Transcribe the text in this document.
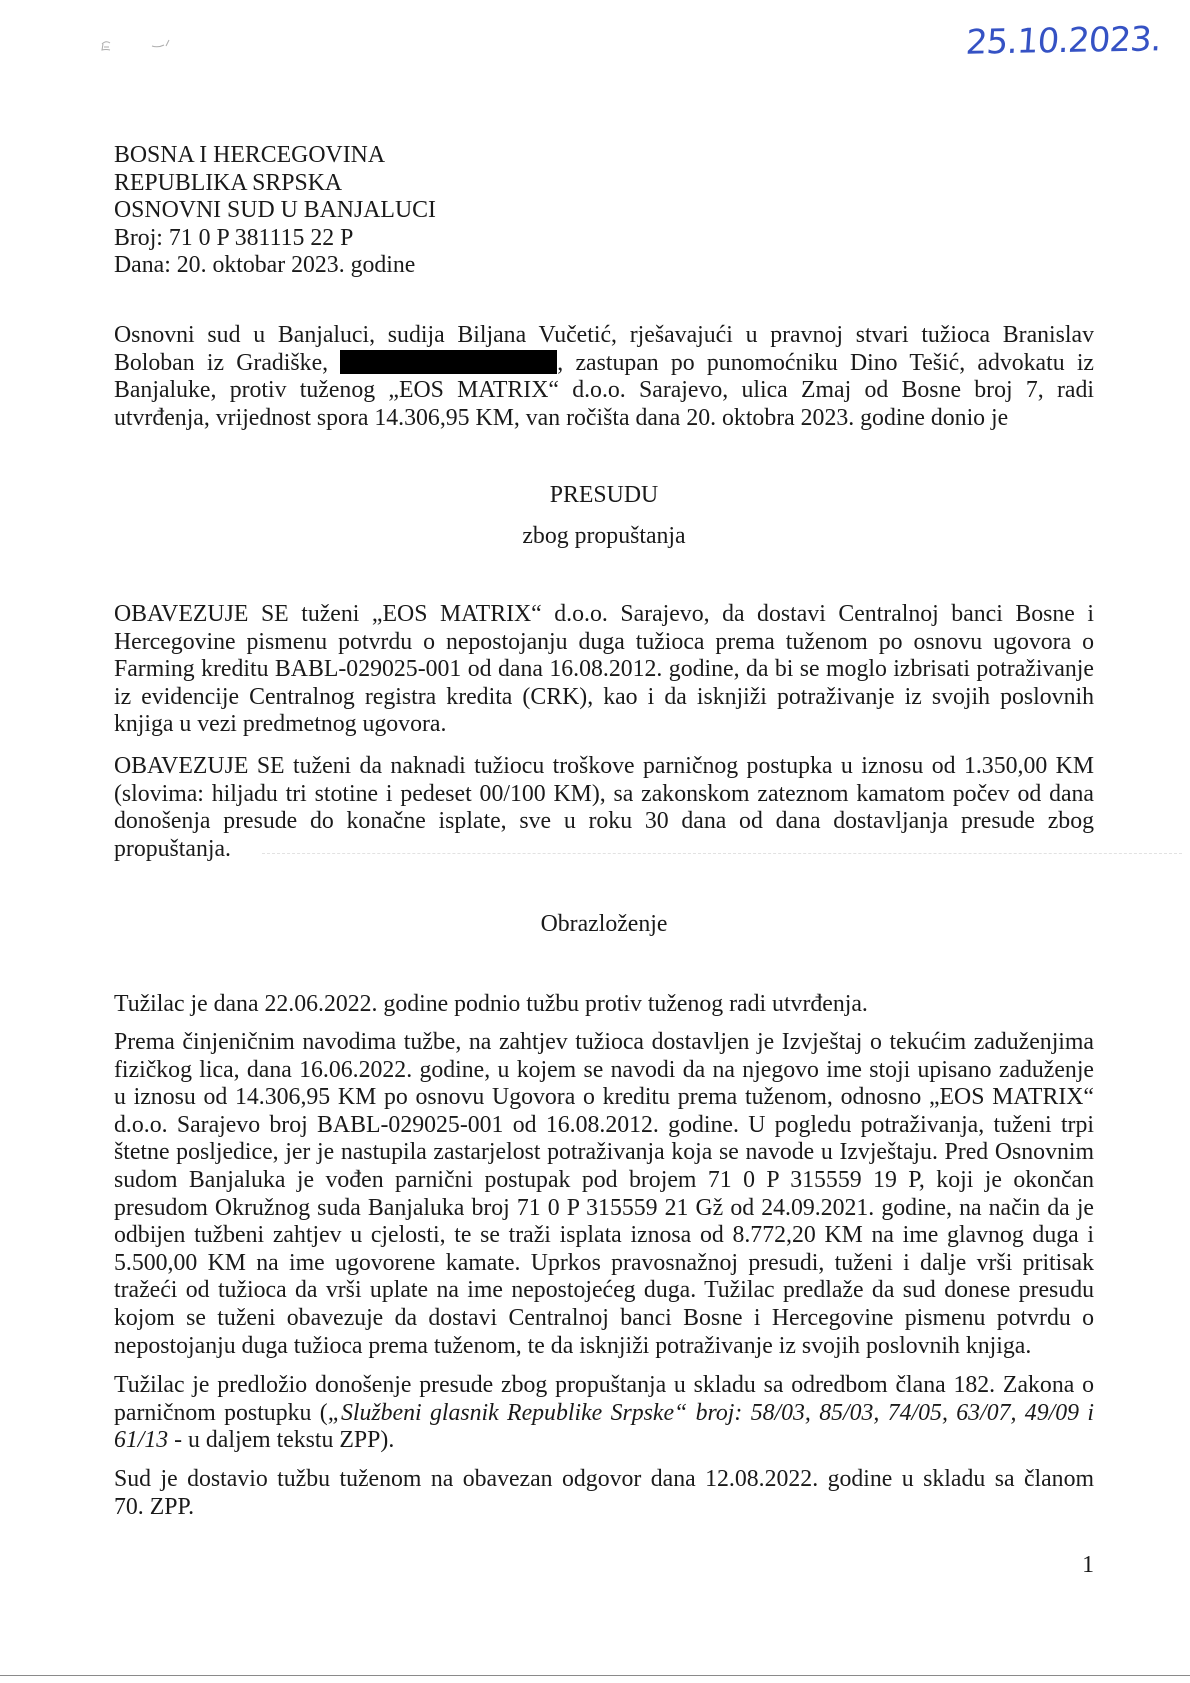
25.10.2023.
BOSNA I HERCEGOVINA
REPUBLIKA SRPSKA
OSNOVNI SUD U BANJALUCI
Broj: 71 0 P 381115 22 P
Dana: 20. oktobar 2023. godine
Osnovni sud u Banjaluci, sudija Biljana Vučetić, rješavajući u pravnoj stvari tužioca Branislav
Boloban iz Gradiške,	, zastupan po punomoćniku Dino Tešić, advokatu iz
Banjaluke, protiv tuženog „EOS MATRIX“ d.o.o. Sarajevo, ulica Zmaj od Bosne broj 7, radi
utvrđenja, vrijednost spora 14.306,95 KM, van ročišta dana 20. oktobra 2023. godine donio je
PRESUDU
zbog propuštanja
OBAVEZUJE SE tuženi „EOS MATRIX“ d.o.o. Sarajevo, da dostavi Centralnoj banci Bosne i
Hercegovine pismenu potvrdu o nepostojanju duga tužioca prema tuženom po osnovu ugovora o
Farming kreditu BABL-029025-001 od dana 16.08.2012. godine, da bi se moglo izbrisati potraživanje
iz evidencije Centralnog registra kredita (CRK), kao i da isknjiži potraživanje iz svojih poslovnih
knjiga u vezi predmetnog ugovora.
OBAVEZUJE SE tuženi da naknadi tužiocu troškove parničnog postupka u iznosu od 1.350,00 KM
(slovima: hiljadu tri stotine i pedeset 00/100 KM), sa zakonskom zateznom kamatom počev od dana
donošenja presude do konačne isplate, sve u roku 30 dana od dana dostavljanja presude zbog
propuštanja.
Obrazloženje
Tužilac je dana 22.06.2022. godine podnio tužbu protiv tuženog radi utvrđenja.
Prema činjeničnim navodima tužbe, na zahtjev tužioca dostavljen je Izvještaj o tekućim zaduženjima
fizičkog lica, dana 16.06.2022. godine, u kojem se navodi da na njegovo ime stoji upisano zaduženje
u iznosu od 14.306,95 KM po osnovu Ugovora o kreditu prema tuženom, odnosno „EOS MATRIX“
d.o.o. Sarajevo broj BABL-029025-001 od 16.08.2012. godine. U pogledu potraživanja, tuženi trpi
štetne posljedice, jer je nastupila zastarjelost potraživanja koja se navode u Izvještaju. Pred Osnovnim
sudom Banjaluka je vođen parnični postupak pod brojem 71 0 P 315559 19 P, koji je okončan
presudom Okružnog suda Banjaluka broj 71 0 P 315559 21 Gž od 24.09.2021. godine, na način da je
odbijen tužbeni zahtjev u cjelosti, te se traži isplata iznosa od 8.772,20 KM na ime glavnog duga i
5.500,00 KM na ime ugovorene kamate. Uprkos pravosnažnoj presudi, tuženi i dalje vrši pritisak
tražeći od tužioca da vrši uplate na ime nepostojećeg duga. Tužilac predlaže da sud donese presudu
kojom se tuženi obavezuje da dostavi Centralnoj banci Bosne i Hercegovine pismenu potvrdu o
nepostojanju duga tužioca prema tuženom, te da isknjiži potraživanje iz svojih poslovnih knjiga.
Tužilac je predložio donošenje presude zbog propuštanja u skladu sa odredbom člana 182. Zakona o
parničnom postupku („Službeni glasnik Republike Srpske“ broj: 58/03, 85/03, 74/05, 63/07, 49/09 i
61/13 - u daljem tekstu ZPP).
Sud je dostavio tužbu tuženom na obavezan odgovor dana 12.08.2022. godine u skladu sa članom
70. ZPP.
1
